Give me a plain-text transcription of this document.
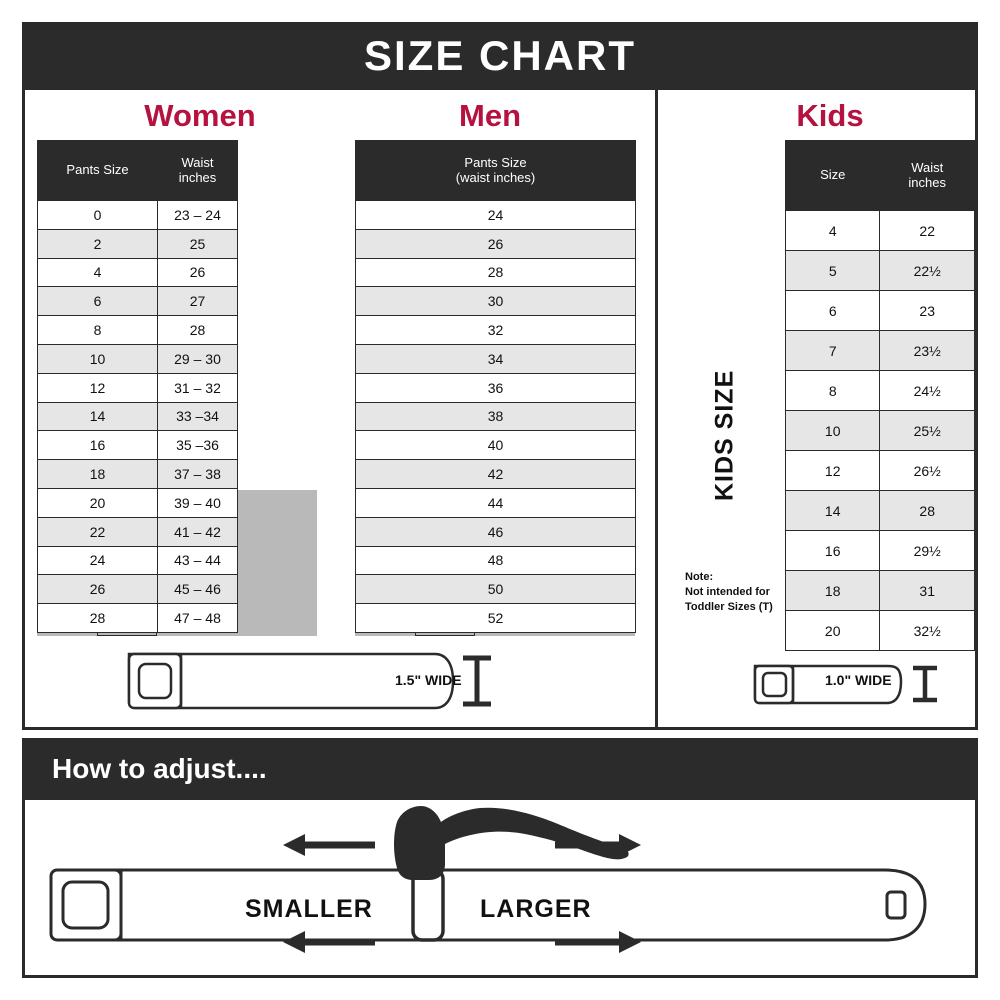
SIZE CHART
Women
REGULAR SIZE
X-LARGE
Pants Size	Waist
inches

0	23 – 24
2	25
4	26
6	27
8	28
10	29 – 30
12	31 – 32
14	33 –34
16	35 –36
18	37 – 38
20	39 – 40
22	41 – 42
24	43 – 44
26	45 – 46
28	47 – 48
1.5" WIDE
Men
REGULAR SIZE
X-LARGE
Pants Size
(waist inches)

24
26
28
30
32
34
36
38
40
42
44
46
48
50
52
Kids
KIDS SIZE
Note:
Not intended for
Toddler Sizes (T)
Size	Waist
inches

4	22
5	22½
6	23
7	23½
8	24½
10	25½
12	26½
14	28
16	29½
18	31
20	32½
1.0" WIDE
How to adjust....
SMALLER	LARGER
